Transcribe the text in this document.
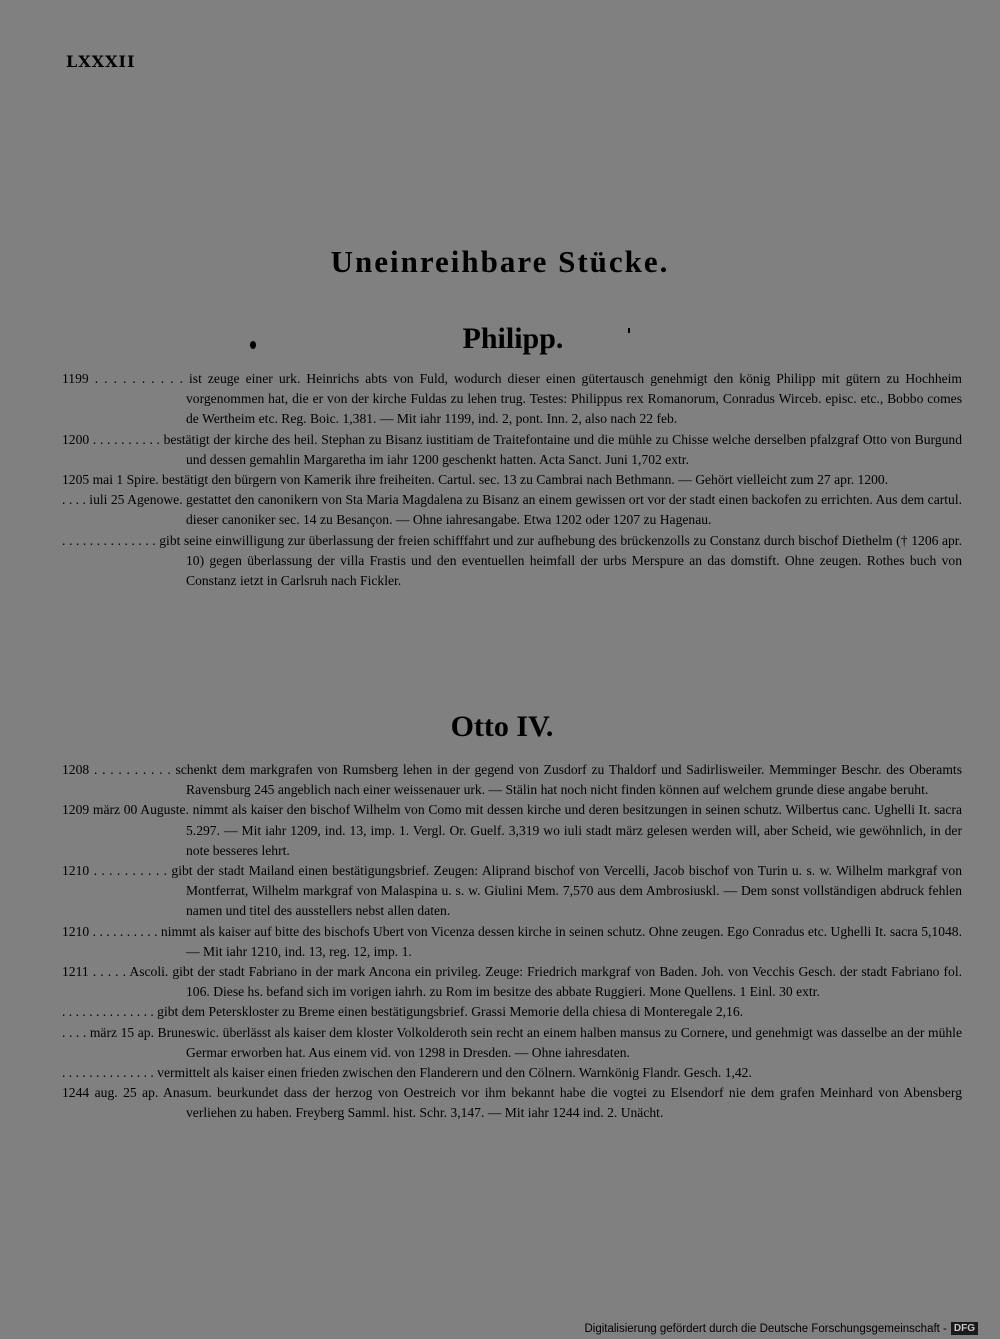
LXXXII
Uneinreihbare Stücke.
Philipp.
1199 . . . . . . . . . . ist zeuge einer urk. Heinrichs abts von Fuld, wodurch dieser einen gütertausch genehmigt den könig Philipp mit gütern zu Hochheim vorgenommen hat, die er von der kirche Fuldas zu lehen trug. Testes: Philippus rex Romanorum, Conradus Wirceb. episc. etc., Bobbo comes de Wertheim etc. Reg. Boic. 1,381. — Mit iahr 1199, ind. 2, pont. Inn. 2, also nach 22 feb.
1200 . . . . . . . . . . bestätigt der kirche des heil. Stephan zu Bisanz iustitiam de Traitefontaine und die mühle zu Chisse welche derselben pfalzgraf Otto von Burgund und dessen gemahlin Margaretha im iahr 1200 geschenkt hatten. Acta Sanct. Juni 1,702 extr.
1205 mai 1 Spire. bestätigt den bürgern von Kamerik ihre freiheiten. Cartul. sec. 13 zu Cambrai nach Bethmann. — Gehört vielleicht zum 27 apr. 1200.
. . . . iuli 25 Agenowe. gestattet den canonikern von Sta Maria Magdalena zu Bisanz an einem gewissen ort vor der stadt einen backofen zu errichten. Aus dem cartul. dieser canoniker sec. 14 zu Besançon. — Ohne iahresangabe. Etwa 1202 oder 1207 zu Hagenau.
. . . . . . . . . . . . . . gibt seine einwilligung zur überlassung der freien schifffahrt und zur aufhebung des brückenzolls zu Constanz durch bischof Diethelm († 1206 apr. 10) gegen überlassung der villa Frastis und den eventuellen heimfall der urbs Merspure an das domstift. Ohne zeugen. Rothes buch von Constanz ietzt in Carlsruh nach Fickler.
Otto IV.
1208 . . . . . . . . . . schenkt dem markgrafen von Rumsberg lehen in der gegend von Zusdorf zu Thaldorf und Sadirlisweiler. Memminger Beschr. des Oberamts Ravensburg 245 angeblich nach einer weissenauer urk. — Stälin hat noch nicht finden können auf welchem grunde diese angabe beruht.
1209 märz 00 Auguste. nimmt als kaiser den bischof Wilhelm von Como mit dessen kirche und deren besitzungen in seinen schutz. Wilbertus canc. Ughelli It. sacra 5.297. — Mit iahr 1209, ind. 13, imp. 1. Vergl. Or. Guelf. 3,319 wo iuli stadt märz gelesen werden will, aber Scheid, wie gewöhnlich, in der note besseres lehrt.
1210 . . . . . . . . . . gibt der stadt Mailand einen bestätigungsbrief. Zeugen: Aliprand bischof von Vercelli, Jacob bischof von Turin u. s. w. Wilhelm markgraf von Montferrat, Wilhelm markgraf von Malaspina u. s. w. Giulini Mem. 7,570 aus dem Ambrosiuskl. — Dem sonst vollständigen abdruck fehlen namen und titel des ausstellers nebst allen daten.
1210 . . . . . . . . . . nimmt als kaiser auf bitte des bischofs Ubert von Vicenza dessen kirche in seinen schutz. Ohne zeugen. Ego Conradus etc. Ughelli It. sacra 5,1048. — Mit iahr 1210, ind. 13, reg. 12, imp. 1.
1211 . . . . . Ascoli. gibt der stadt Fabriano in der mark Ancona ein privileg. Zeuge: Friedrich markgraf von Baden. Joh. von Vecchis Gesch. der stadt Fabriano fol. 106. Diese hs. befand sich im vorigen iahrh. zu Rom im besitze des abbate Ruggieri. Mone Quellens. 1 Einl. 30 extr.
. . . . . . . . . . . . . . gibt dem Peterskloster zu Breme einen bestätigungsbrief. Grassi Memorie della chiesa di Monteregale 2,16.
. . . . märz 15 ap. Bruneswic. überlässt als kaiser dem kloster Volkolderoth sein recht an einem halben mansus zu Cornere, und genehmigt was dasselbe an der mühle Germar erworben hat. Aus einem vid. von 1298 in Dresden. — Ohne iahresdaten.
. . . . . . . . . . . . . . vermittelt als kaiser einen frieden zwischen den Flanderern und den Cölnern. Warnkönig Flandr. Gesch. 1,42.
1244 aug. 25 ap. Anasum. beurkundet dass der herzog von Oestreich vor ihm bekannt habe die vogtei zu Elsendorf nie dem grafen Meinhard von Abensberg verliehen zu haben. Freyberg Samml. hist. Schr. 3,147. — Mit iahr 1244 ind. 2. Unächt.
Digitalisierung gefördert durch die Deutsche Forschungsgemeinschaft - DFG
